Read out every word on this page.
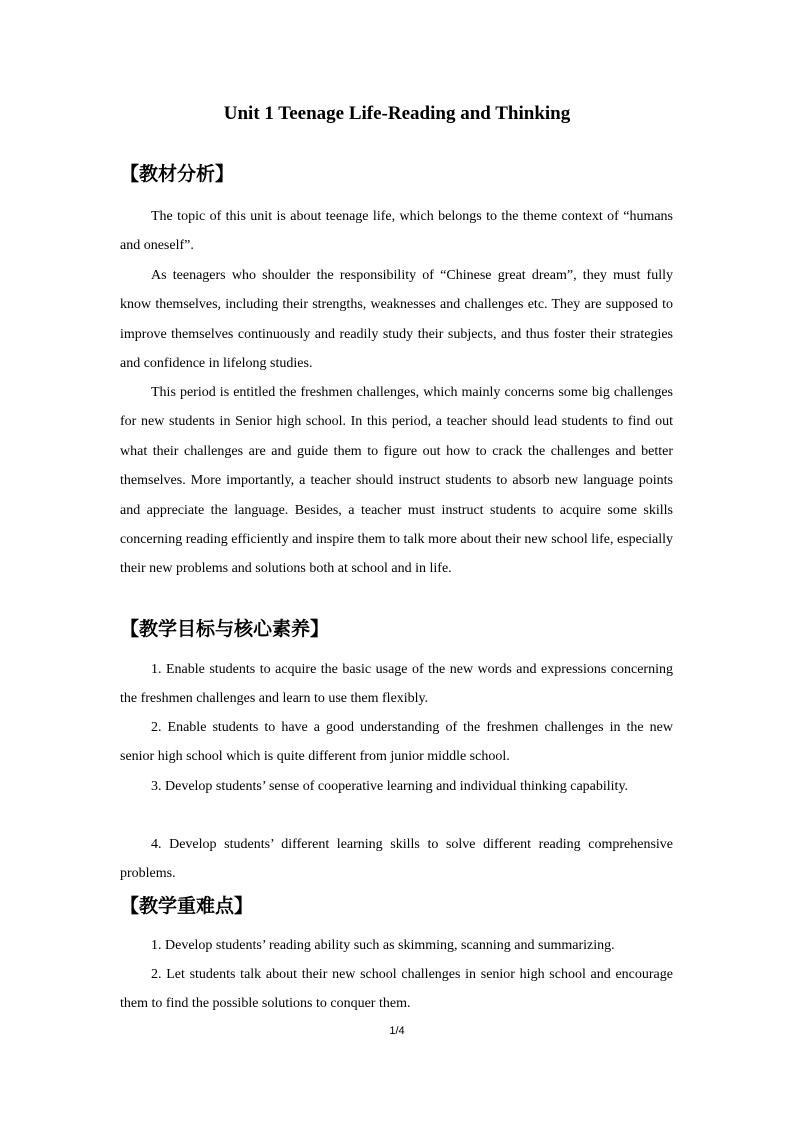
Unit 1 Teenage Life-Reading and Thinking
【教材分析】

The topic of this unit is about teenage life, which belongs to the theme context of “humans and oneself”.

As teenagers who shoulder the responsibility of “Chinese great dream”, they must fully know themselves, including their strengths, weaknesses and challenges etc. They are supposed to improve themselves continuously and readily study their subjects, and thus foster their strategies and confidence in lifelong studies.

This period is entitled the freshmen challenges, which mainly concerns some big challenges for new students in Senior high school. In this period, a teacher should lead students to find out what their challenges are and guide them to figure out how to crack the challenges and better themselves. More importantly, a teacher should instruct students to absorb new language points and appreciate the language. Besides, a teacher must instruct students to acquire some skills concerning reading efficiently and inspire them to talk more about their new school life, especially their new problems and solutions both at school and in life.

【教学目标与核心素养】

1. Enable students to acquire the basic usage of the new words and expressions concerning the freshmen challenges and learn to use them flexibly.

2. Enable students to have a good understanding of the freshmen challenges in the new senior high school which is quite different from junior middle school.

3. Develop students’ sense of cooperative learning and individual thinking capability.

4. Develop students’ different learning skills to solve different reading comprehensive problems.

【教学重难点】

1. Develop students’ reading ability such as skimming, scanning and summarizing.

2. Let students talk about their new school challenges in senior high school and encourage them to find the possible solutions to conquer them.

1/4
